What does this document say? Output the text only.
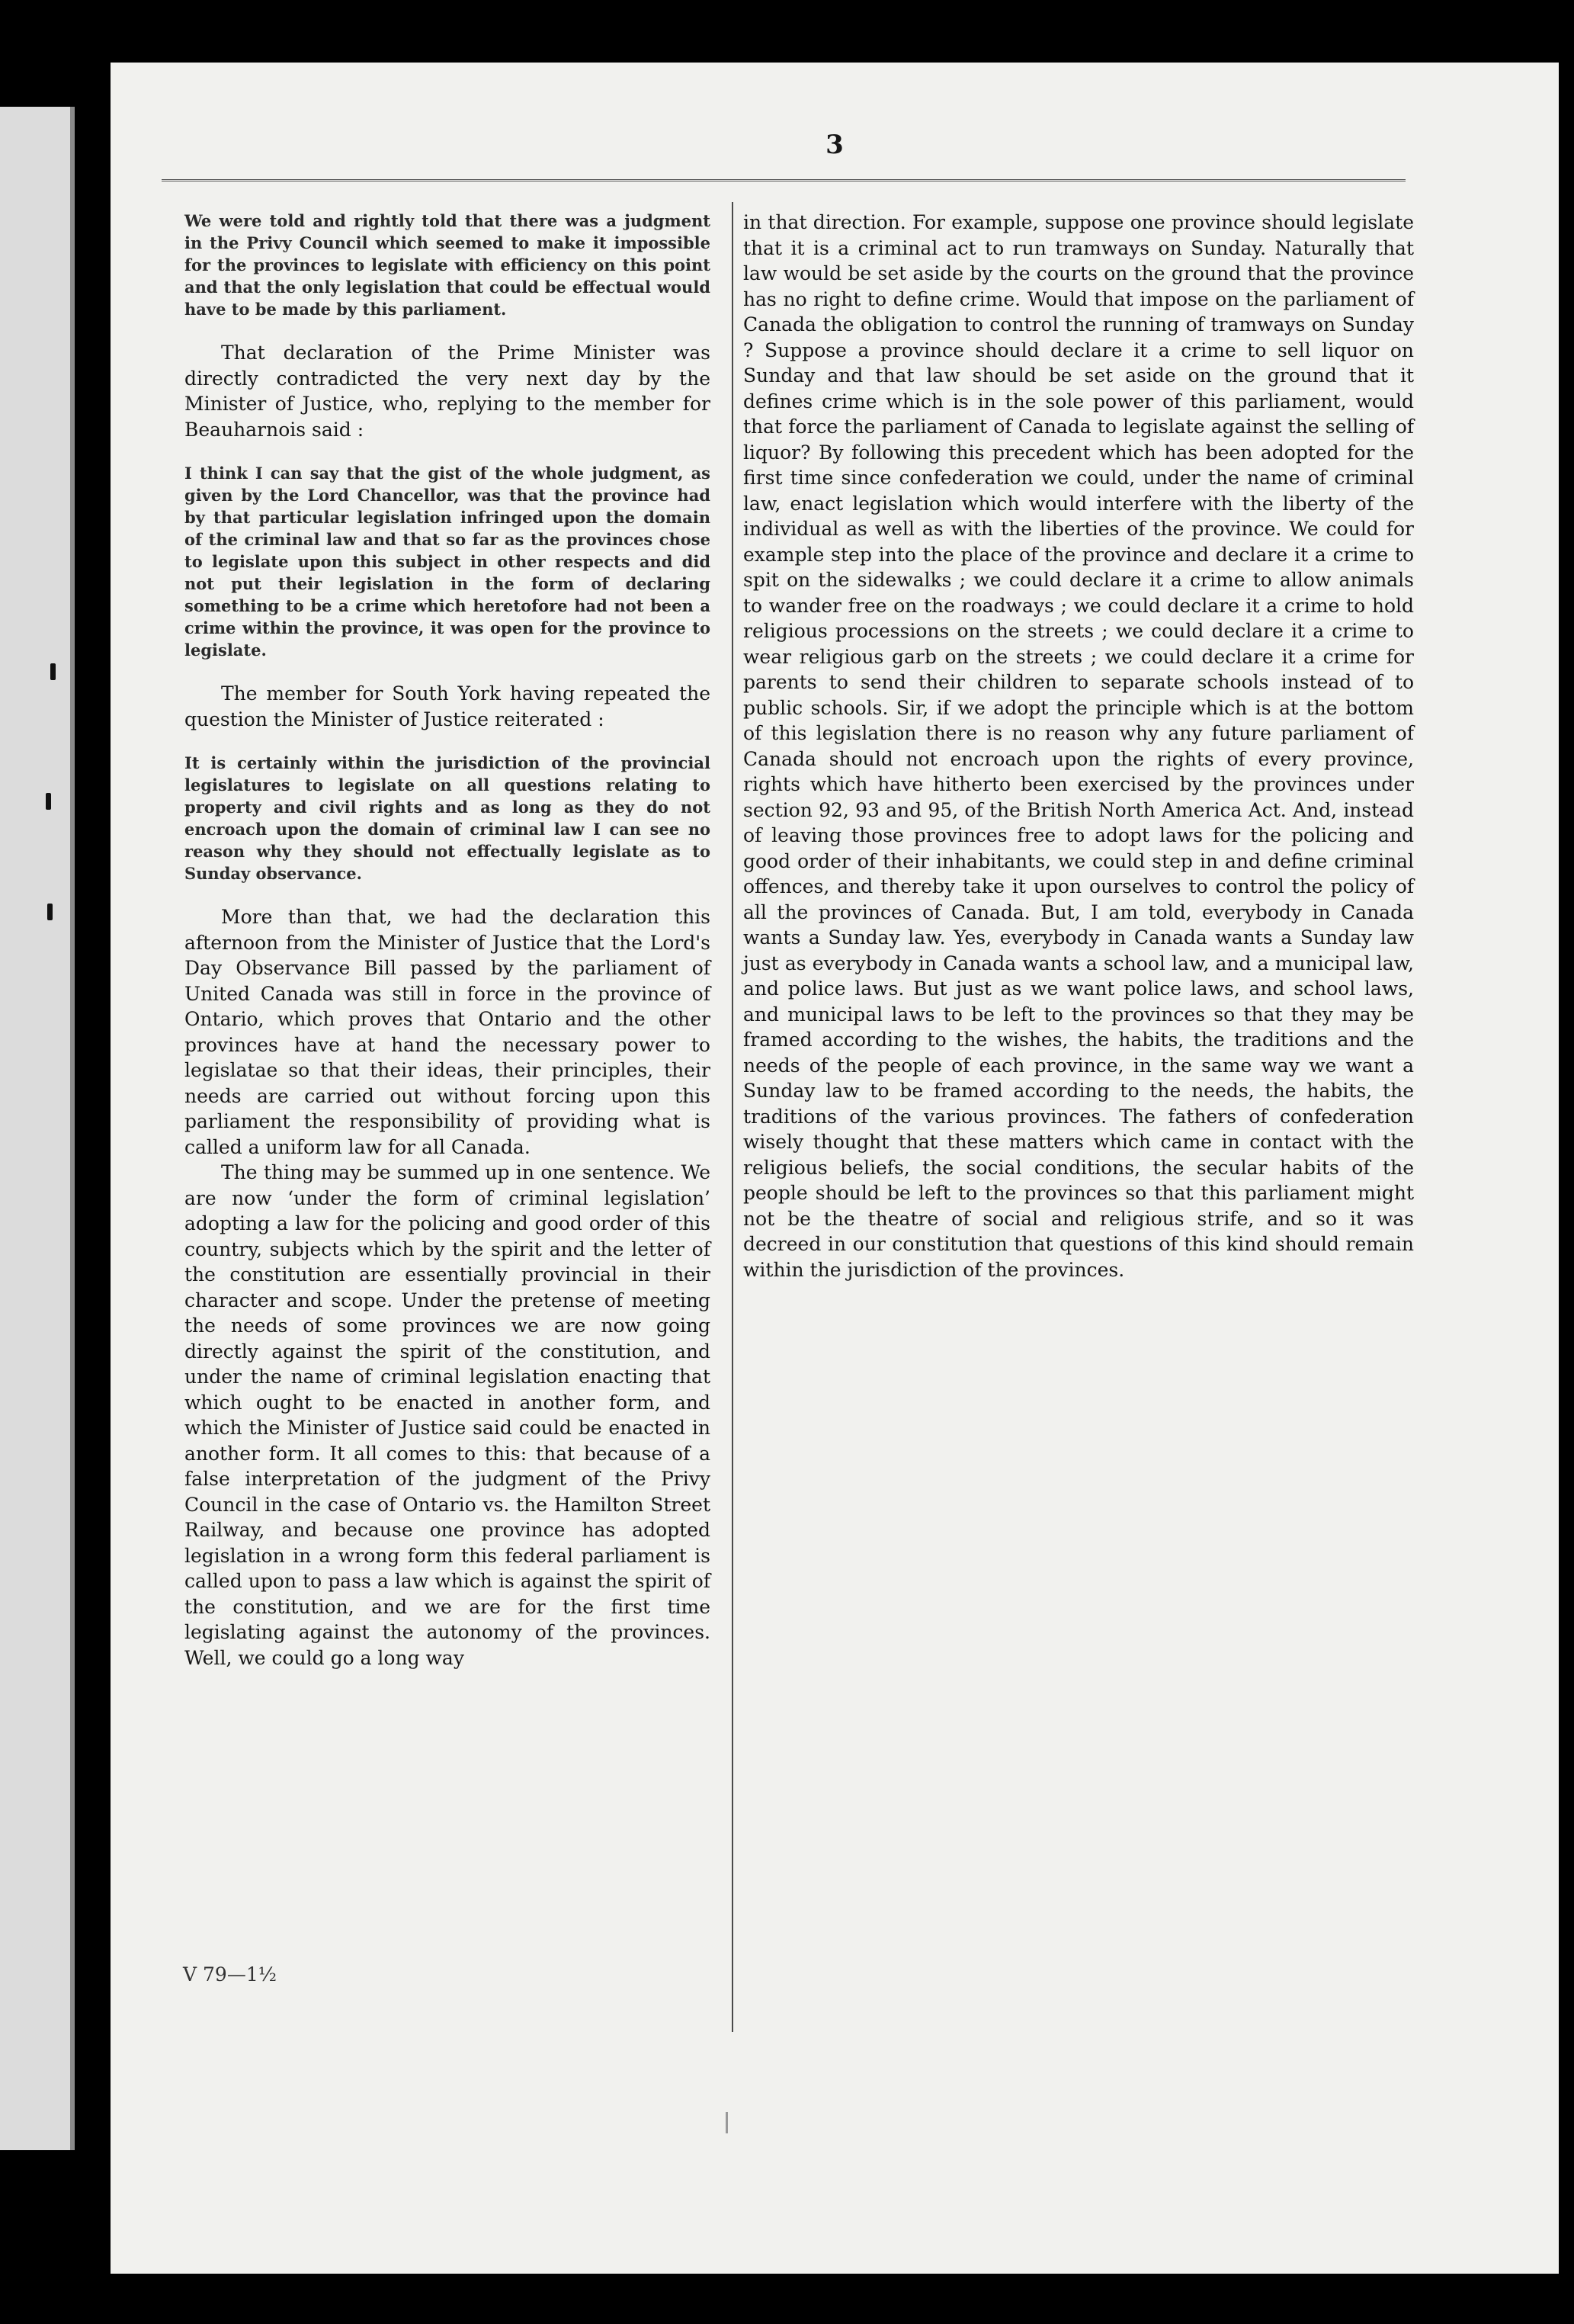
3

We were told and rightly told that there was a judgment in the Privy Council which seemed to make it impossible for the provinces to legislate with efficiency on this point and that the only legislation that could be effectual would have to be made by this parliament.

That declaration of the Prime Minister was directly contradicted the very next day by the Minister of Justice, who, replying to the member for Beauharnois said :

I think I can say that the gist of the whole judgment, as given by the Lord Chancellor, was that the province had by that particular legislation infringed upon the domain of the criminal law and that so far as the provinces chose to legislate upon this subject in other respects and did not put their legislation in the form of declaring something to be a crime which heretofore had not been a crime within the province, it was open for the province to legislate.

The member for South York having repeated the question the Minister of Justice reiterated :

It is certainly within the jurisdiction of the provincial legislatures to legislate on all questions relating to property and civil rights and as long as they do not encroach upon the domain of criminal law I can see no reason why they should not effectually legislate as to Sunday observance.

More than that, we had the declaration this afternoon from the Minister of Justice that the Lord's Day Observance Bill passed by the parliament of United Canada was still in force in the province of Ontario, which proves that Ontario and the other provinces have at hand the necessary power to legislatae so that their ideas, their principles, their needs are carried out without forcing upon this parliament the responsibility of providing what is called a uniform law for all Canada.

The thing may be summed up in one sentence. We are now ‘under the form of criminal legislation’ adopting a law for the policing and good order of this country, subjects which by the spirit and the letter of the constitution are essentially provincial in their character and scope. Under the pretense of meeting the needs of some provinces we are now going directly against the spirit of the constitution, and under the name of criminal legislation enacting that which ought to be enacted in another form, and which the Minister of Justice said could be enacted in another form. It all comes to this: that because of a false interpretation of the judgment of the Privy Council in the case of Ontario vs. the Hamilton Street Railway, and because one province has adopted legislation in a wrong form this federal parliament is called upon to pass a law which is against the spirit of the constitution, and we are for the first time legislating against the autonomy of the provinces. Well, we could go a long way

in that direction. For example, suppose one province should legislate that it is a criminal act to run tramways on Sunday. Naturally that law would be set aside by the courts on the ground that the province has no right to define crime. Would that impose on the parliament of Canada the obligation to control the running of tramways on Sunday ? Suppose a province should declare it a crime to sell liquor on Sunday and that law should be set aside on the ground that it defines crime which is in the sole power of this parliament, would that force the parliament of Canada to legislate against the selling of liquor? By following this precedent which has been adopted for the first time since confederation we could, under the name of criminal law, enact legislation which would interfere with the liberty of the individual as well as with the liberties of the province. We could for example step into the place of the province and declare it a crime to spit on the sidewalks ; we could declare it a crime to allow animals to wander free on the roadways ; we could declare it a crime to hold religious processions on the streets ; we could declare it a crime to wear religious garb on the streets ; we could declare it a crime for parents to send their children to separate schools instead of to public schools. Sir, if we adopt the principle which is at the bottom of this legislation there is no reason why any future parliament of Canada should not encroach upon the rights of every province, rights which have hitherto been exercised by the provinces under section 92, 93 and 95, of the British North America Act. And, instead of leaving those provinces free to adopt laws for the policing and good order of their inhabitants, we could step in and define criminal offences, and thereby take it upon ourselves to control the policy of all the provinces of Canada. But, I am told, everybody in Canada wants a Sunday law. Yes, everybody in Canada wants a Sunday law just as everybody in Canada wants a school law, and a municipal law, and police laws. But just as we want police laws, and school laws, and municipal laws to be left to the provinces so that they may be framed according to the wishes, the habits, the traditions and the needs of the people of each province, in the same way we want a Sunday law to be framed according to the needs, the habits, the traditions of the various provinces. The fathers of confederation wisely thought that these matters which came in contact with the religious beliefs, the social conditions, the secular habits of the people should be left to the provinces so that this parliament might not be the theatre of social and religious strife, and so it was decreed in our constitution that questions of this kind should remain within the jurisdiction of the provinces.

V 79—1½
